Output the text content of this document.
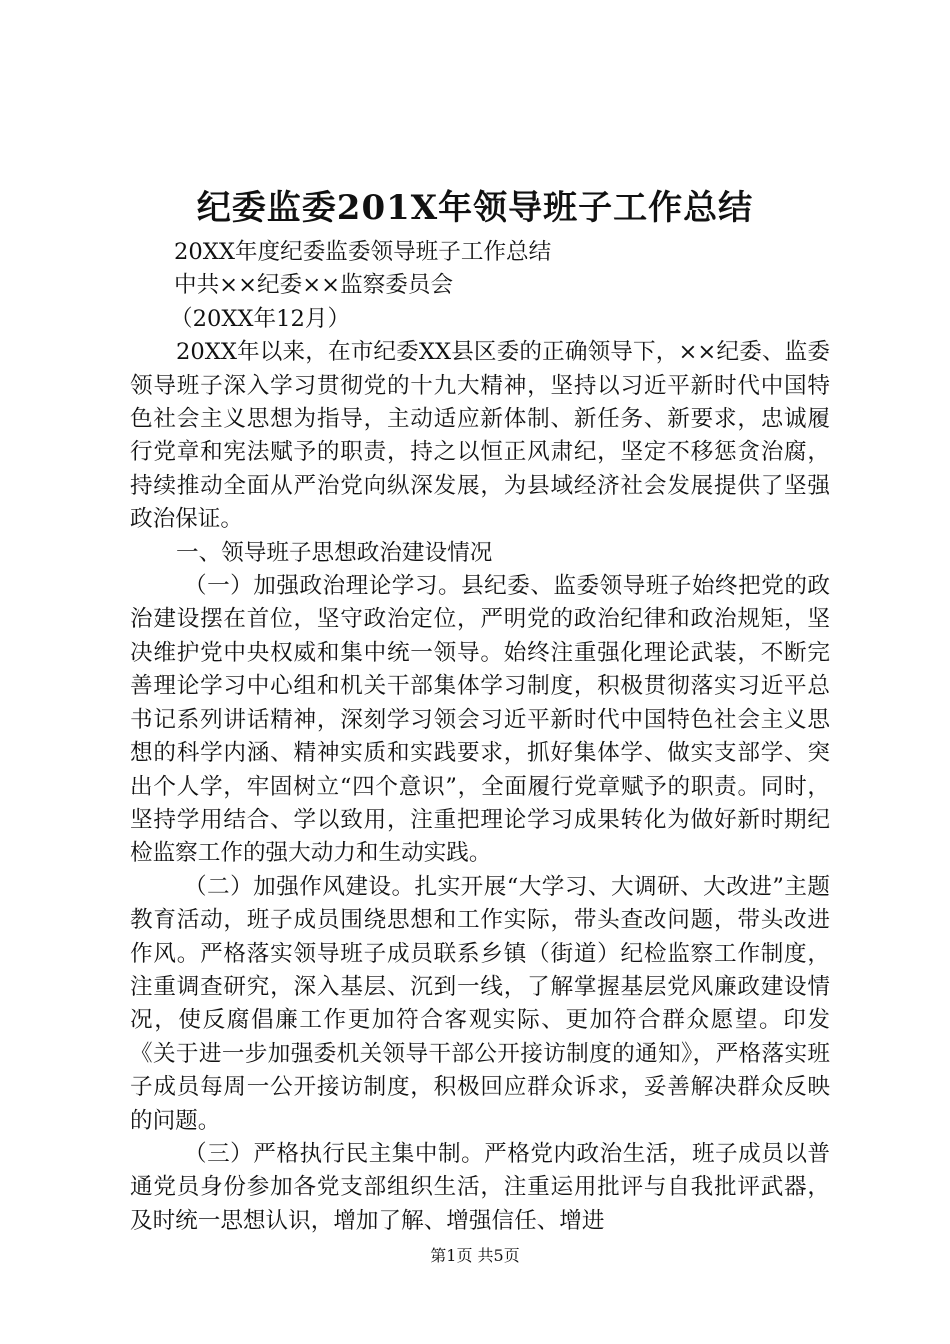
纪委监委201X年领导班子工作总结

20XX年度纪委监委领导班子工作总结

中共××纪委××监察委员会

（20XX年12月）

20XX年以来，在市纪委XX县区委的正确领导下，××纪委、监委领导班子深入学习贯彻党的十九大精神，坚持以习近平新时代中国特色社会主义思想为指导，主动适应新体制、新任务、新要求，忠诚履行党章和宪法赋予的职责，持之以恒正风肃纪，坚定不移惩贪治腐，持续推动全面从严治党向纵深发展，为县域经济社会发展提供了坚强政治保证。

一、领导班子思想政治建设情况

（一）加强政治理论学习。县纪委、监委领导班子始终把党的政治建设摆在首位，坚守政治定位，严明党的政治纪律和政治规矩，坚决维护党中央权威和集中统一领导。始终注重强化理论武装，不断完善理论学习中心组和机关干部集体学习制度，积极贯彻落实习近平总书记系列讲话精神，深刻学习领会习近平新时代中国特色社会主义思想的科学内涵、精神实质和实践要求，抓好集体学、做实支部学、突出个人学，牢固树立“四个意识”，全面履行党章赋予的职责。同时，坚持学用结合、学以致用，注重把理论学习成果转化为做好新时期纪检监察工作的强大动力和生动实践。

（二）加强作风建设。扎实开展“大学习、大调研、大改进”主题教育活动，班子成员围绕思想和工作实际，带头查改问题，带头改进作风。严格落实领导班子成员联系乡镇（街道）纪检监察工作制度，注重调查研究，深入基层、沉到一线，了解掌握基层党风廉政建设情况，使反腐倡廉工作更加符合客观实际、更加符合群众愿望。印发《关于进一步加强委机关领导干部公开接访制度的通知》，严格落实班子成员每周一公开接访制度，积极回应群众诉求，妥善解决群众反映的问题。

（三）严格执行民主集中制。严格党内政治生活，班子成员以普通党员身份参加各党支部组织生活，注重运用批评与自我批评武器，及时统一思想认识，增加了解、增强信任、增进

第1页 共5页
